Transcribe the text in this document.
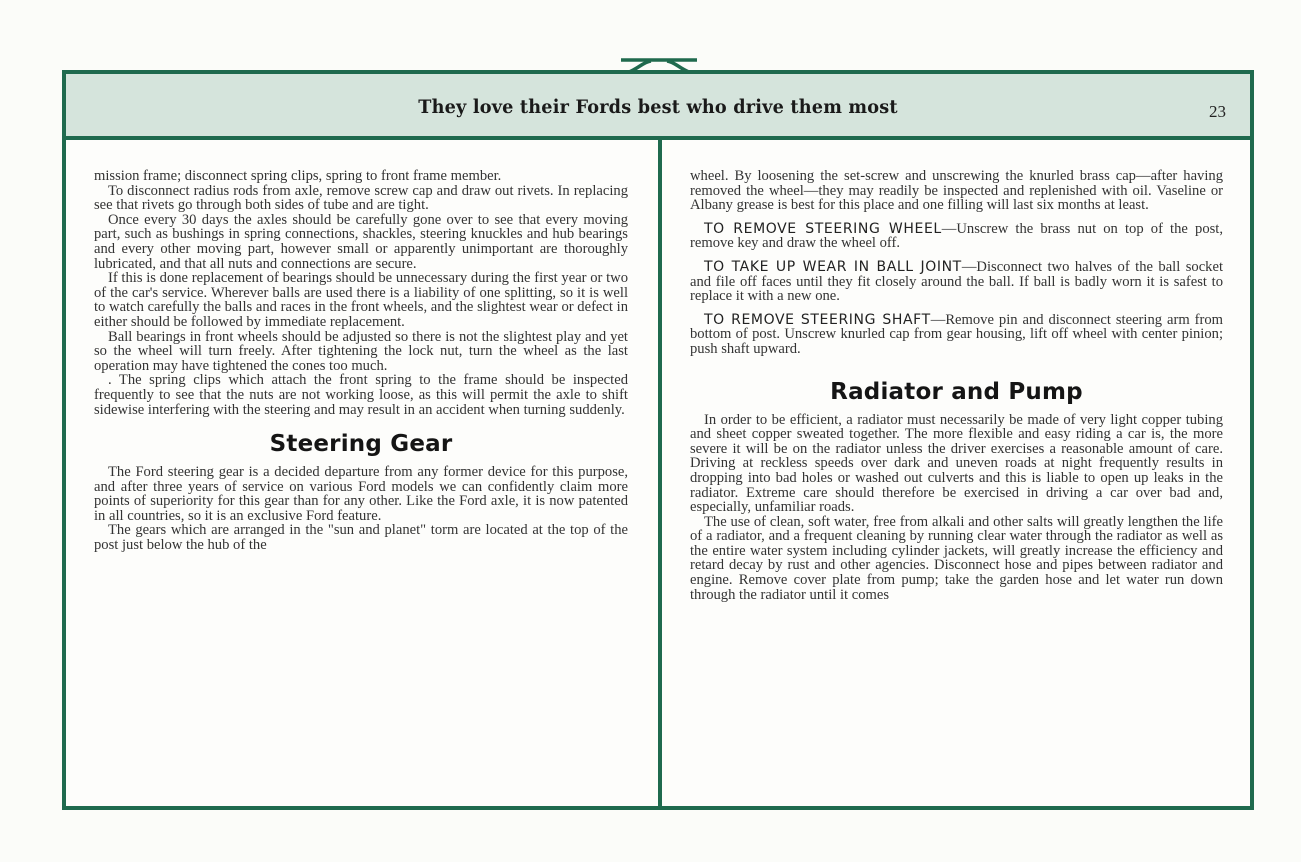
They love their Fords best who drive them most	23

mission frame; disconnect spring clips, spring to front frame member.

To disconnect radius rods from axle, remove screw cap and draw out rivets. In replacing see that rivets go through both sides of tube and are tight.

Once every 30 days the axles should be carefully gone over to see that every moving part, such as bushings in spring connections, shackles, steering knuckles and hub bearings and every other moving part, however small or apparently unimportant are thoroughly lubricated, and that all nuts and connections are secure.

If this is done replacement of bearings should be unnecessary during the first year or two of the car's service. Wherever balls are used there is a liability of one splitting, so it is well to watch carefully the balls and races in the front wheels, and the slightest wear or defect in either should be followed by immediate replacement.

Ball bearings in front wheels should be adjusted so there is not the slightest play and yet so the wheel will turn freely. After tightening the lock nut, turn the wheel as the last operation may have tightened the cones too much.

. The spring clips which attach the front spring to the frame should be inspected frequently to see that the nuts are not working loose, as this will permit the axle to shift sidewise interfering with the steering and may result in an accident when turning suddenly.

Steering Gear

The Ford steering gear is a decided departure from any former device for this purpose, and after three years of service on various Ford models we can confidently claim more points of superiority for this gear than for any other. Like the Ford axle, it is now patented in all countries, so it is an exclusive Ford feature.

The gears which are arranged in the "sun and planet" torm are located at the top of the post just below the hub of the

wheel. By loosening the set-screw and unscrewing the knurled brass cap—after having removed the wheel—they may readily be inspected and replenished with oil. Vaseline or Albany grease is best for this place and one filling will last six months at least.

TO REMOVE STEERING WHEEL—Unscrew the brass nut on top of the post, remove key and draw the wheel off.

TO TAKE UP WEAR IN BALL JOINT—Disconnect two halves of the ball socket and file off faces until they fit closely around the ball. If ball is badly worn it is safest to replace it with a new one.

TO REMOVE STEERING SHAFT—Remove pin and disconnect steering arm from bottom of post. Unscrew knurled cap from gear housing, lift off wheel with center pinion; push shaft upward.

Radiator and Pump

In order to be efficient, a radiator must necessarily be made of very light copper tubing and sheet copper sweated together. The more flexible and easy riding a car is, the more severe it will be on the radiator unless the driver exercises a reasonable amount of care. Driving at reckless speeds over dark and uneven roads at night frequently results in dropping into bad holes or washed out culverts and this is liable to open up leaks in the radiator. Extreme care should therefore be exercised in driving a car over bad and, especially, unfamiliar roads.

The use of clean, soft water, free from alkali and other salts will greatly lengthen the life of a radiator, and a frequent cleaning by running clear water through the radiator as well as the entire water system including cylinder jackets, will greatly increase the efficiency and retard decay by rust and other agencies. Disconnect hose and pipes between radiator and engine. Remove cover plate from pump; take the garden hose and let water run down through the radiator until it comes
